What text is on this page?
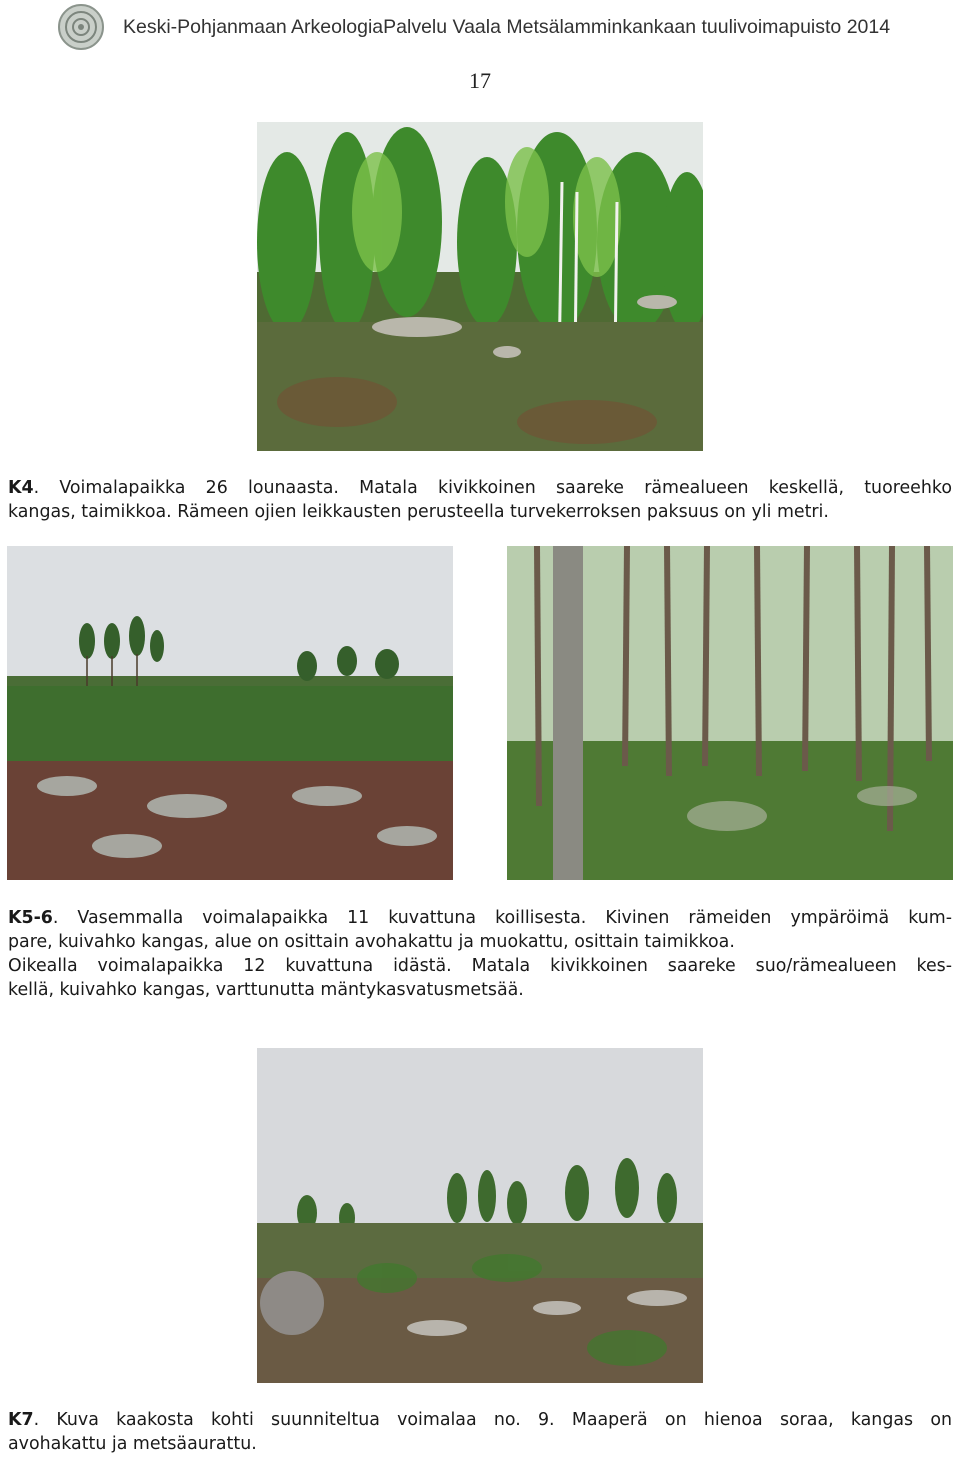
Keski-Pohjanmaan ArkeologiaPalvelu Vaala Metsälamminkankaan tuulivoimapuisto 2014
17
K4. Voimalapaikka 26 lounaasta. Matala kivikkoinen saareke rämealueen keskellä, tuoreehko
kangas, taimikkoa. Rämeen ojien leikkausten perusteella turvekerroksen paksuus on yli metri.
K5-6. Vasemmalla voimalapaikka 11 kuvattuna koillisesta. Kivinen rämeiden ympäröimä kum-
pare, kuivahko kangas, alue on osittain avohakattu ja muokattu, osittain taimikkoa.
Oikealla voimalapaikka 12 kuvattuna idästä. Matala kivikkoinen saareke suo/rämealueen kes-
kellä, kuivahko kangas, varttunutta mäntykasvatusmetsää.
K7. Kuva kaakosta kohti suunniteltua voimalaa no. 9. Maaperä on hienoa soraa, kangas on
avohakattu ja metsäaurattu.
